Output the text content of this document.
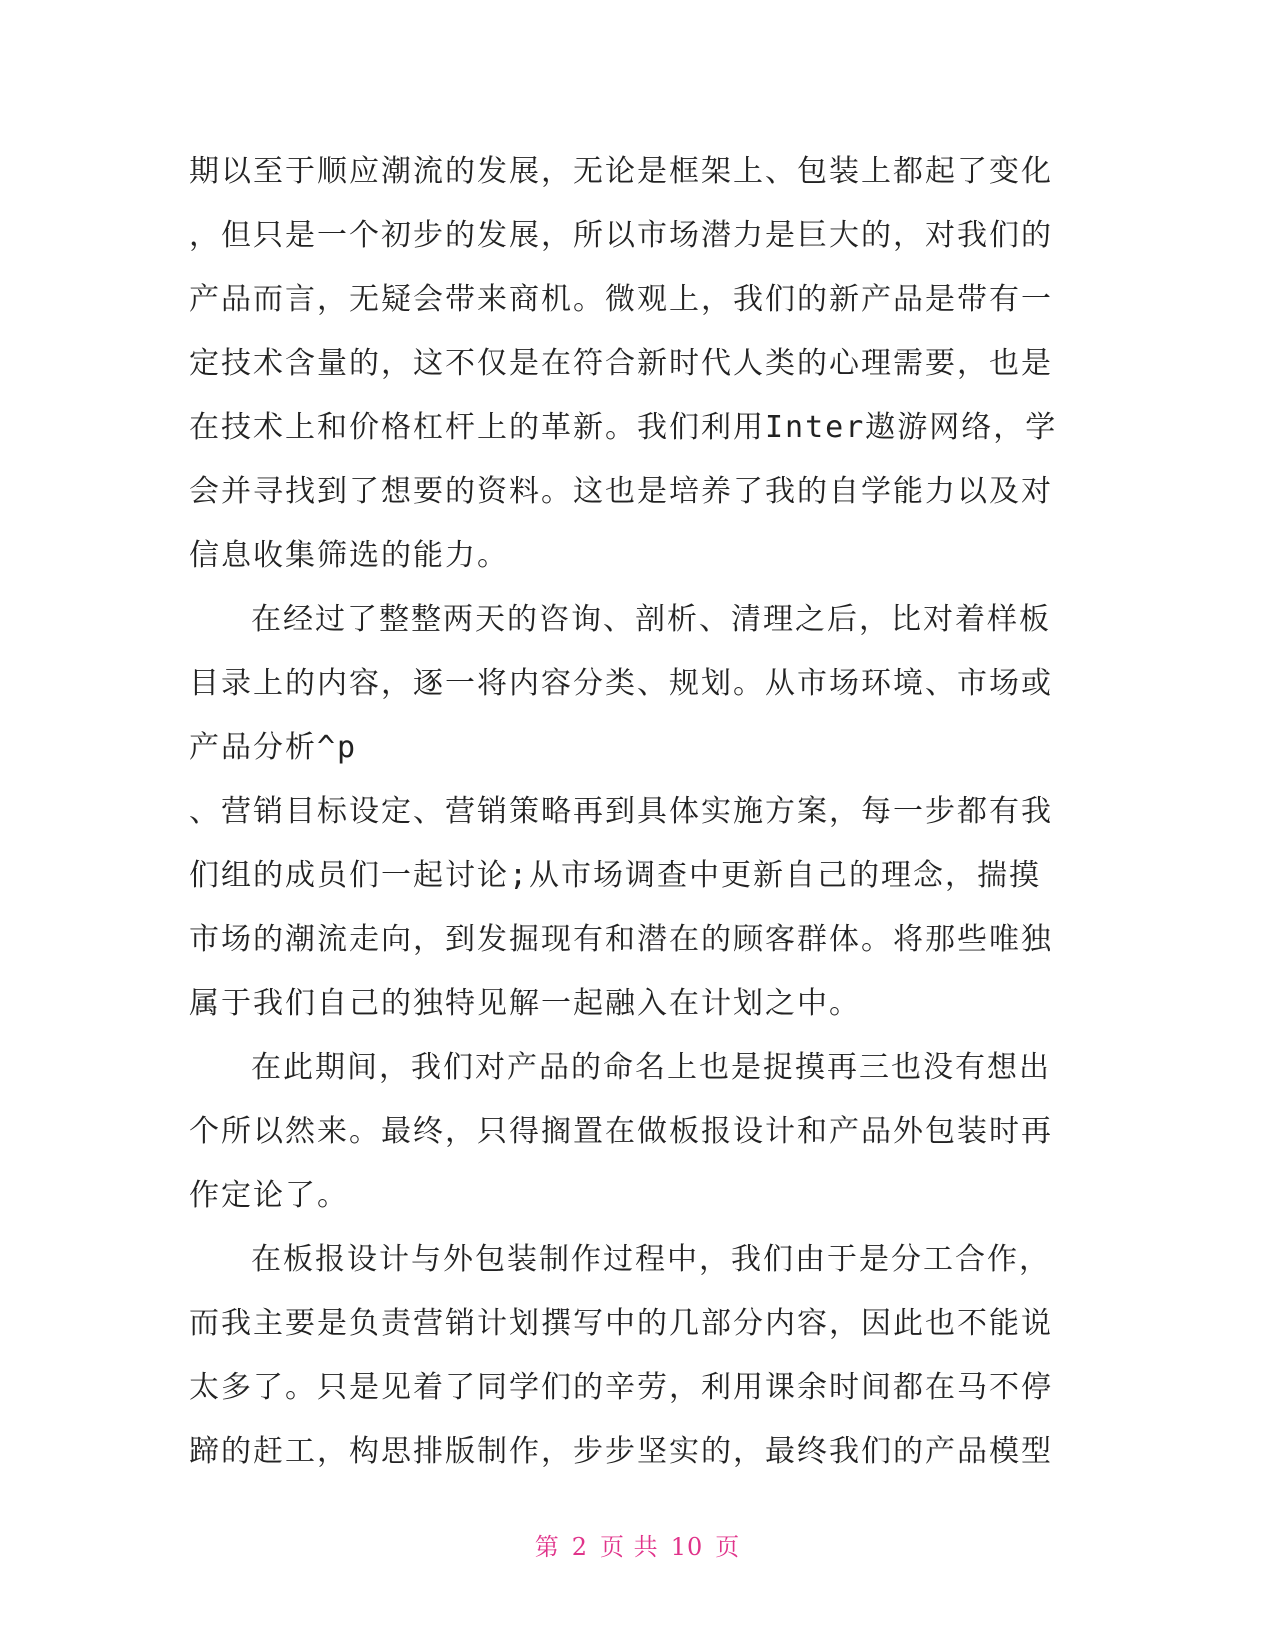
期以至于顺应潮流的发展，无论是框架上、包装上都起了变化
，但只是一个初步的发展，所以市场潜力是巨大的，对我们的
产品而言，无疑会带来商机。微观上，我们的新产品是带有一
定技术含量的，这不仅是在符合新时代人类的心理需要，也是
在技术上和价格杠杆上的革新。我们利用Inter遨游网络，学
会并寻找到了想要的资料。这也是培养了我的自学能力以及对
信息收集筛选的能力。
在经过了整整两天的咨询、剖析、清理之后，比对着样板
目录上的内容，逐一将内容分类、规划。从市场环境、市场或
产品分析^p
、营销目标设定、营销策略再到具体实施方案，每一步都有我
们组的成员们一起讨论;从市场调查中更新自己的理念，揣摸
市场的潮流走向，到发掘现有和潜在的顾客群体。将那些唯独
属于我们自己的独特见解一起融入在计划之中。
在此期间，我们对产品的命名上也是捉摸再三也没有想出
个所以然来。最终，只得搁置在做板报设计和产品外包装时再
作定论了。
在板报设计与外包装制作过程中，我们由于是分工合作，
而我主要是负责营销计划撰写中的几部分内容，因此也不能说
太多了。只是见着了同学们的辛劳，利用课余时间都在马不停
蹄的赶工，构思排版制作，步步坚实的，最终我们的产品模型
第 2 页 共 10 页
